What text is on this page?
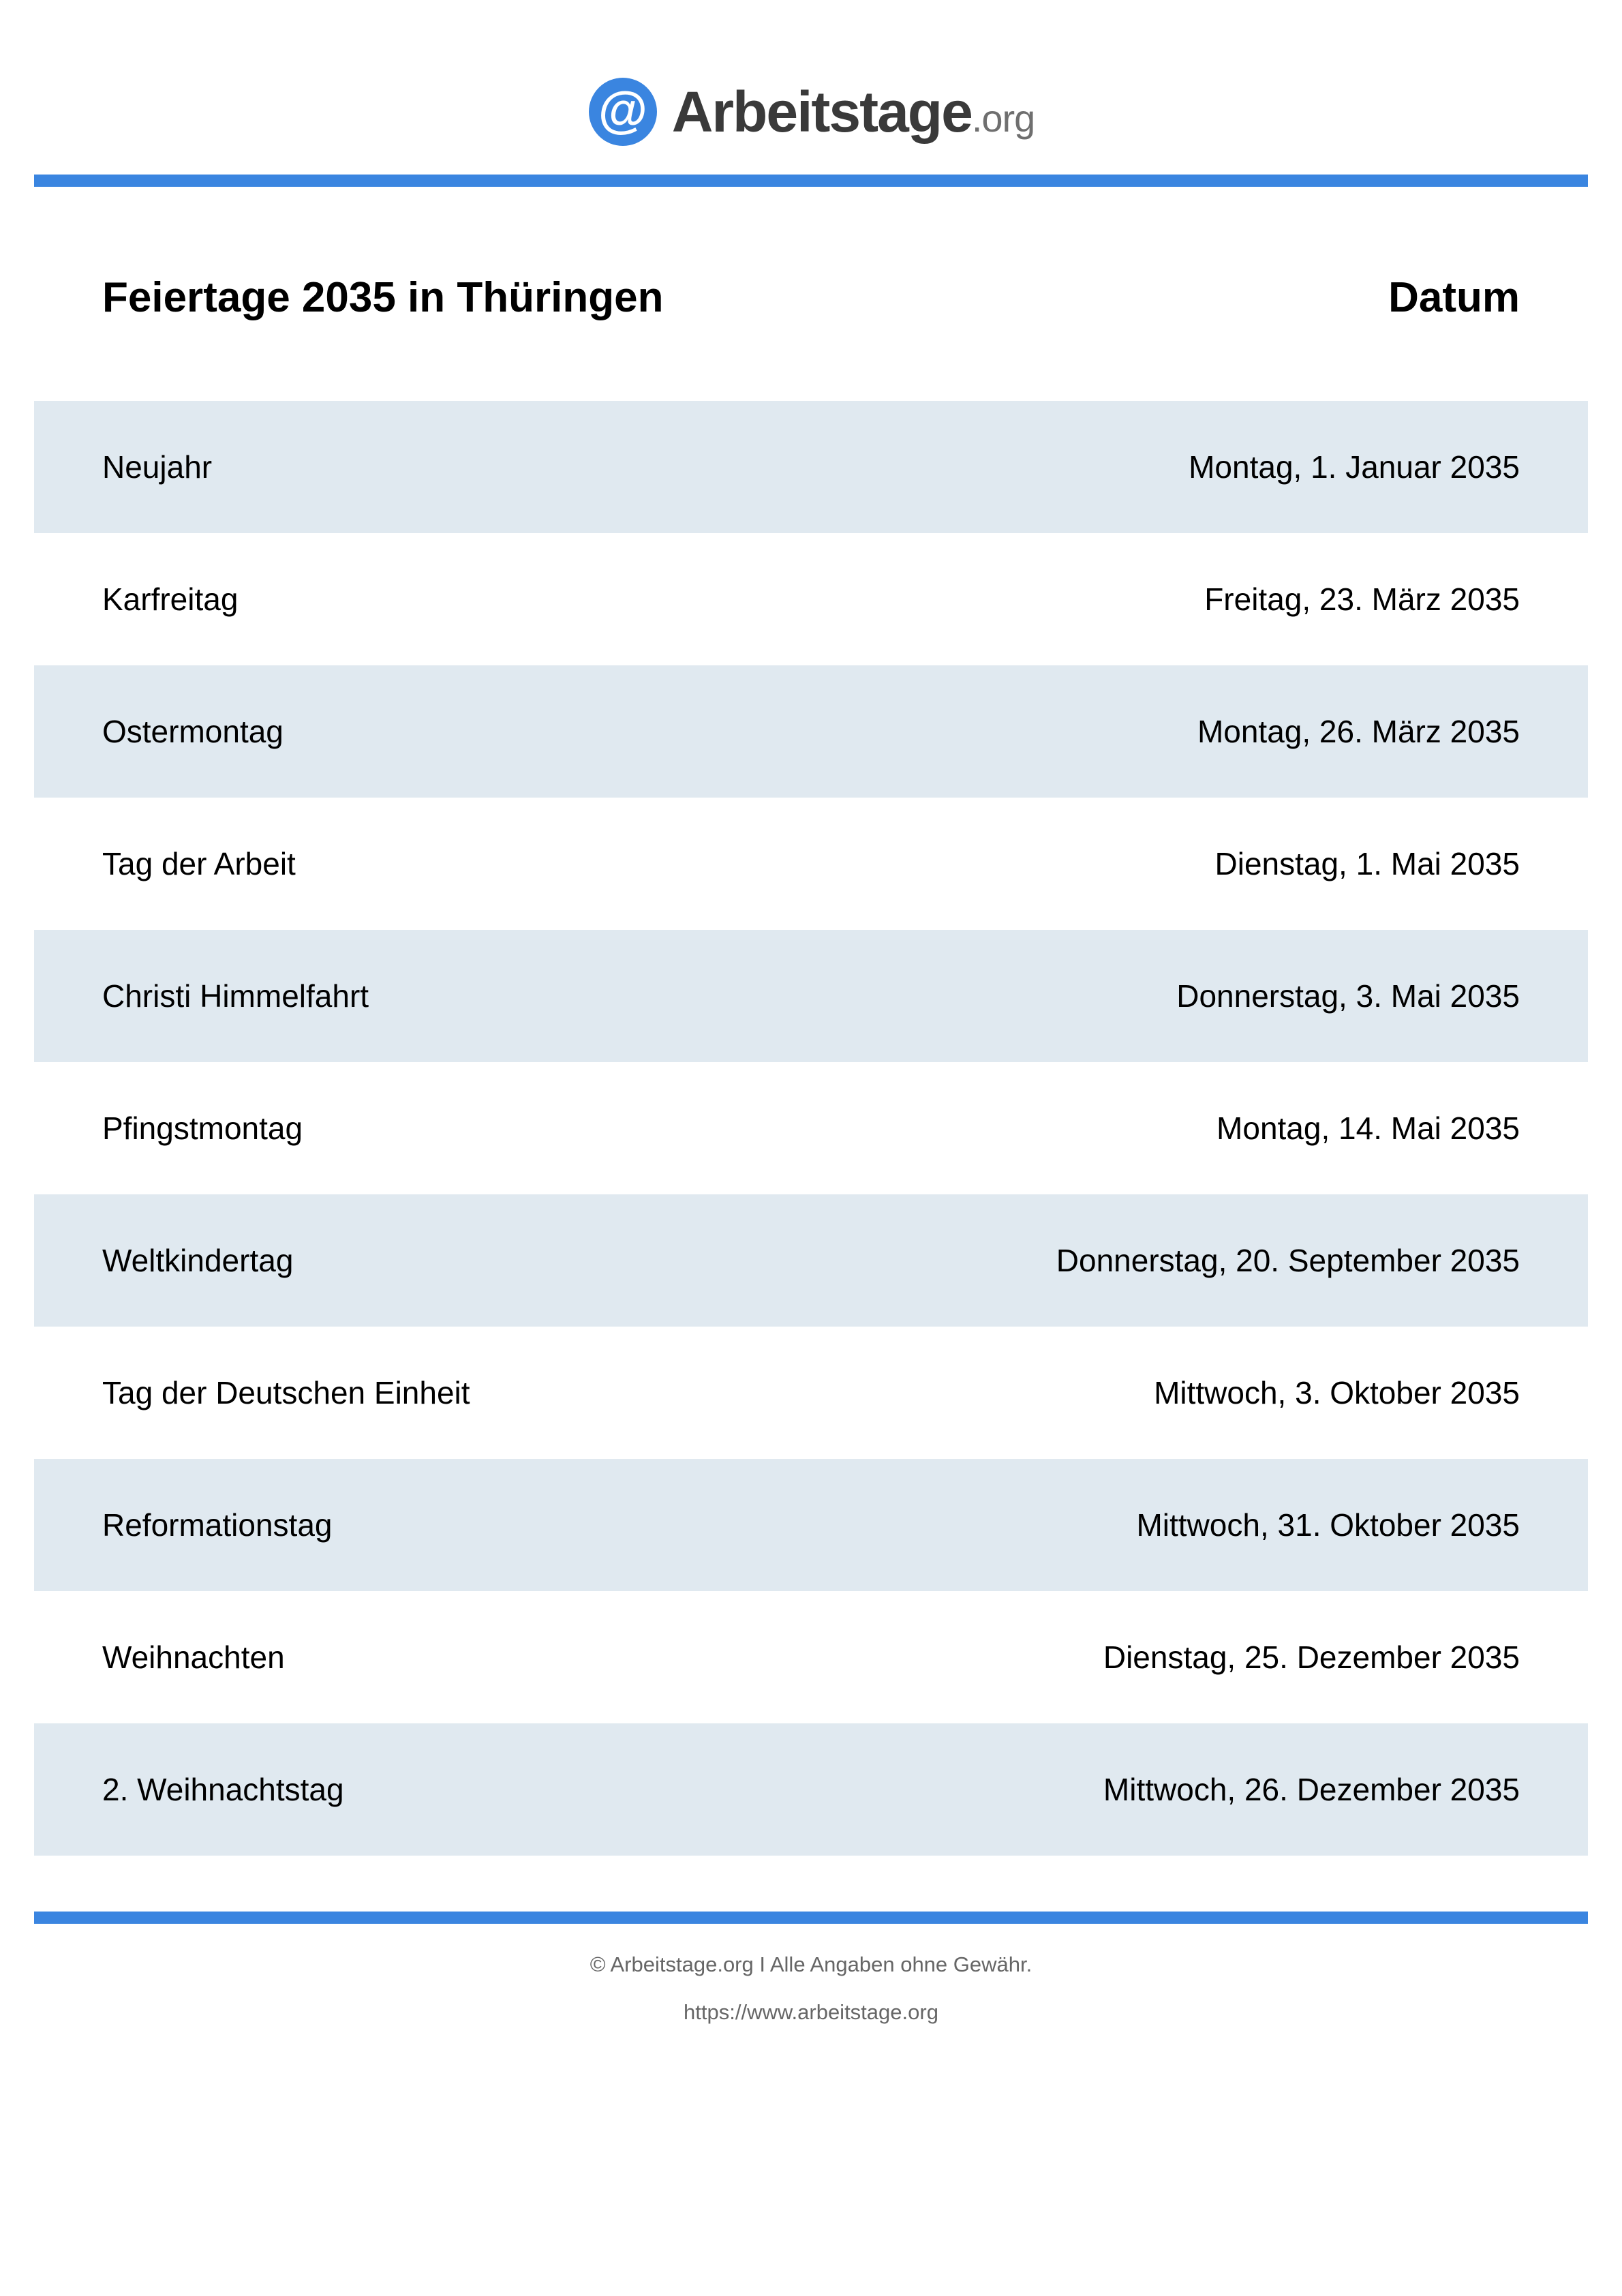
@ Arbeitstage.org
Feiertage 2035 in Thüringen	Datum
Neujahr	Montag, 1. Januar 2035
Karfreitag	Freitag, 23. März 2035
Ostermontag	Montag, 26. März 2035
Tag der Arbeit	Dienstag, 1. Mai 2035
Christi Himmelfahrt	Donnerstag, 3. Mai 2035
Pfingstmontag	Montag, 14. Mai 2035
Weltkindertag	Donnerstag, 20. September 2035
Tag der Deutschen Einheit	Mittwoch, 3. Oktober 2035
Reformationstag	Mittwoch, 31. Oktober 2035
Weihnachten	Dienstag, 25. Dezember 2035
2. Weihnachtstag	Mittwoch, 26. Dezember 2035
© Arbeitstage.org I Alle Angaben ohne Gewähr.
https://www.arbeitstage.org
